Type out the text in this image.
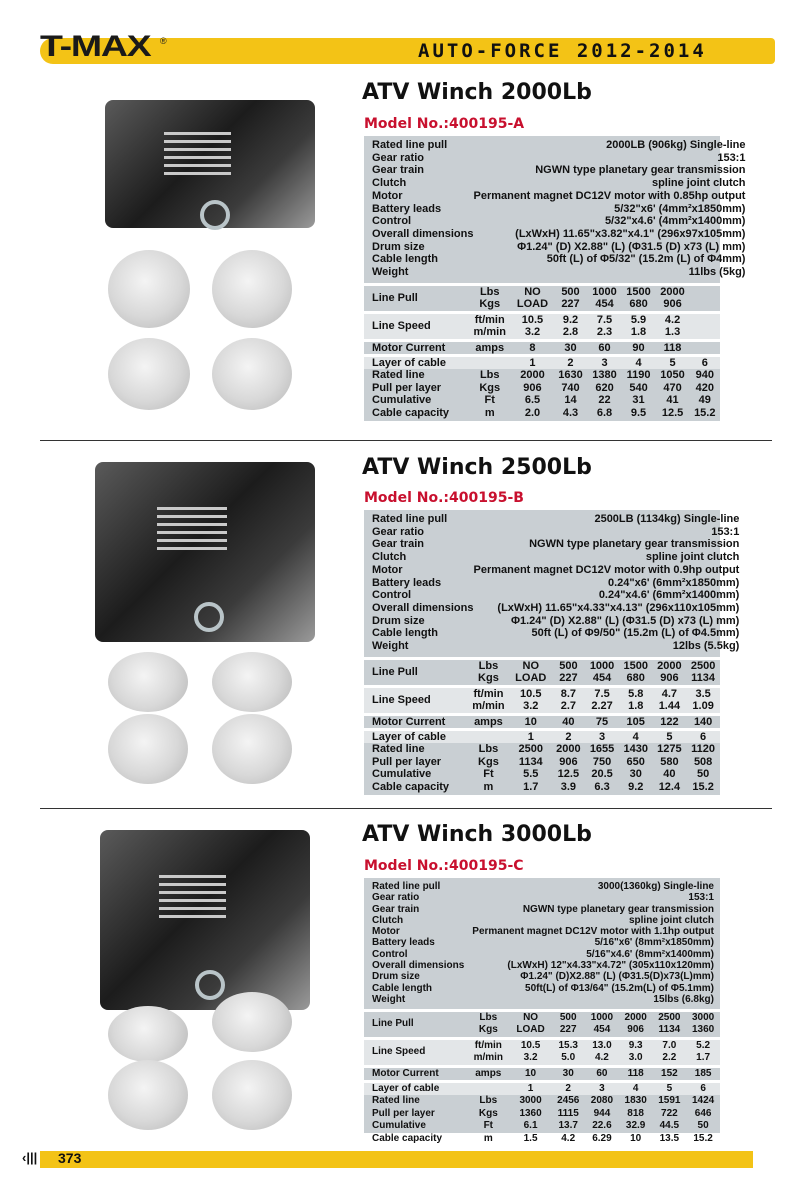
T-MAX ®	AUTO-FORCE 2012-2014
ATV Winch 2000Lb
Model No.:400195-A
Rated line pull	2000LB (906kg) Single-line
Gear ratio	153:1
Gear train	NGWN type planetary gear transmission
Clutch	spline joint clutch
Motor	Permanent magnet DC12V motor with 0.85hp output
Battery leads	5/32"x6' (4mm²x1850mm)
Control	5/32"x4.6' (4mm²x1400mm)
Overall dimensions	(LxWxH) 11.65"x3.82"x4.1" (296x97x105mm)
Drum size	Φ1.24" (D) X2.88" (L) (Φ31.5 (D) x73 (L) mm)
Cable length	50ft (L) of Φ5/32" (15.2m (L) of Φ4mm)
Weight	11lbs (5kg)
Line Pull	Lbs	NO	500	1000	1500	2000	
	Kgs	LOAD	227	454	680	906	
Line Speed	ft/min	10.5	9.2	7.5	5.9	4.2	
	m/min	3.2	2.8	2.3	1.8	1.3	
Motor Current	amps	8	30	60	90	118	
Layer of cable		1	2	3	4	5	6
Rated line	Lbs	2000	1630	1380	1190	1050	940
Pull per layer	Kgs	906	740	620	540	470	420
Cumulative	Ft	6.5	14	22	31	41	49
Cable capacity	m	2.0	4.3	6.8	9.5	12.5	15.2
ATV Winch 2500Lb
Model No.:400195-B
Rated line pull	2500LB (1134kg) Single-line
Gear ratio	153:1
Gear train	NGWN type planetary gear transmission
Clutch	spline joint clutch
Motor	Permanent magnet DC12V motor with 0.9hp output
Battery leads	0.24"x6' (6mm²x1850mm)
Control	0.24"x4.6' (6mm²x1400mm)
Overall dimensions	(LxWxH) 11.65"x4.33"x4.13" (296x110x105mm)
Drum size	Φ1.24" (D) X2.88" (L) (Φ31.5 (D) x73 (L) mm)
Cable length	50ft (L) of Φ9/50" (15.2m (L) of Φ4.5mm)
Weight	12lbs (5.5kg)
Line Pull	Lbs	NO	500	1000	1500	2000	2500
	Kgs	LOAD	227	454	680	906	1134
Line Speed	ft/min	10.5	8.7	7.5	5.8	4.7	3.5
	m/min	3.2	2.7	2.27	1.8	1.44	1.09
Motor Current	amps	10	40	75	105	122	140
Layer of cable		1	2	3	4	5	6
Rated line	Lbs	2500	2000	1655	1430	1275	1120
Pull per layer	Kgs	1134	906	750	650	580	508
Cumulative	Ft	5.5	12.5	20.5	30	40	50
Cable capacity	m	1.7	3.9	6.3	9.2	12.4	15.2
ATV Winch 3000Lb
Model No.:400195-C
Rated line pull	3000(1360kg) Single-line
Gear ratio	153:1
Gear train	NGWN type planetary gear transmission
Clutch	spline joint clutch
Motor	Permanent magnet DC12V motor with 1.1hp output
Battery leads	5/16"x6' (8mm²x1850mm)
Control	5/16"x4.6' (8mm²x1400mm)
Overall dimensions	(LxWxH) 12"x4.33"x4.72" (305x110x120mm)
Drum size	Φ1.24" (D)X2.88" (L) (Φ31.5(D)x73(L)mm)
Cable length	50ft(L) of Φ13/64" (15.2m(L) of Φ5.1mm)
Weight	15lbs (6.8kg)
Line Pull	Lbs	NO	500	1000	2000	2500	3000
	Kgs	LOAD	227	454	906	1134	1360
Line Speed	ft/min	10.5	15.3	13.0	9.3	7.0	5.2
	m/min	3.2	5.0	4.2	3.0	2.2	1.7
Motor Current	amps	10	30	60	118	152	185
Layer of cable		1	2	3	4	5	6
Rated line	Lbs	3000	2456	2080	1830	1591	1424
Pull per layer	Kgs	1360	1115	944	818	722	646
Cumulative	Ft	6.1	13.7	22.6	32.9	44.5	50
Cable capacity	m	1.5	4.2	6.29	10	13.5	15.2
‹||| 373
